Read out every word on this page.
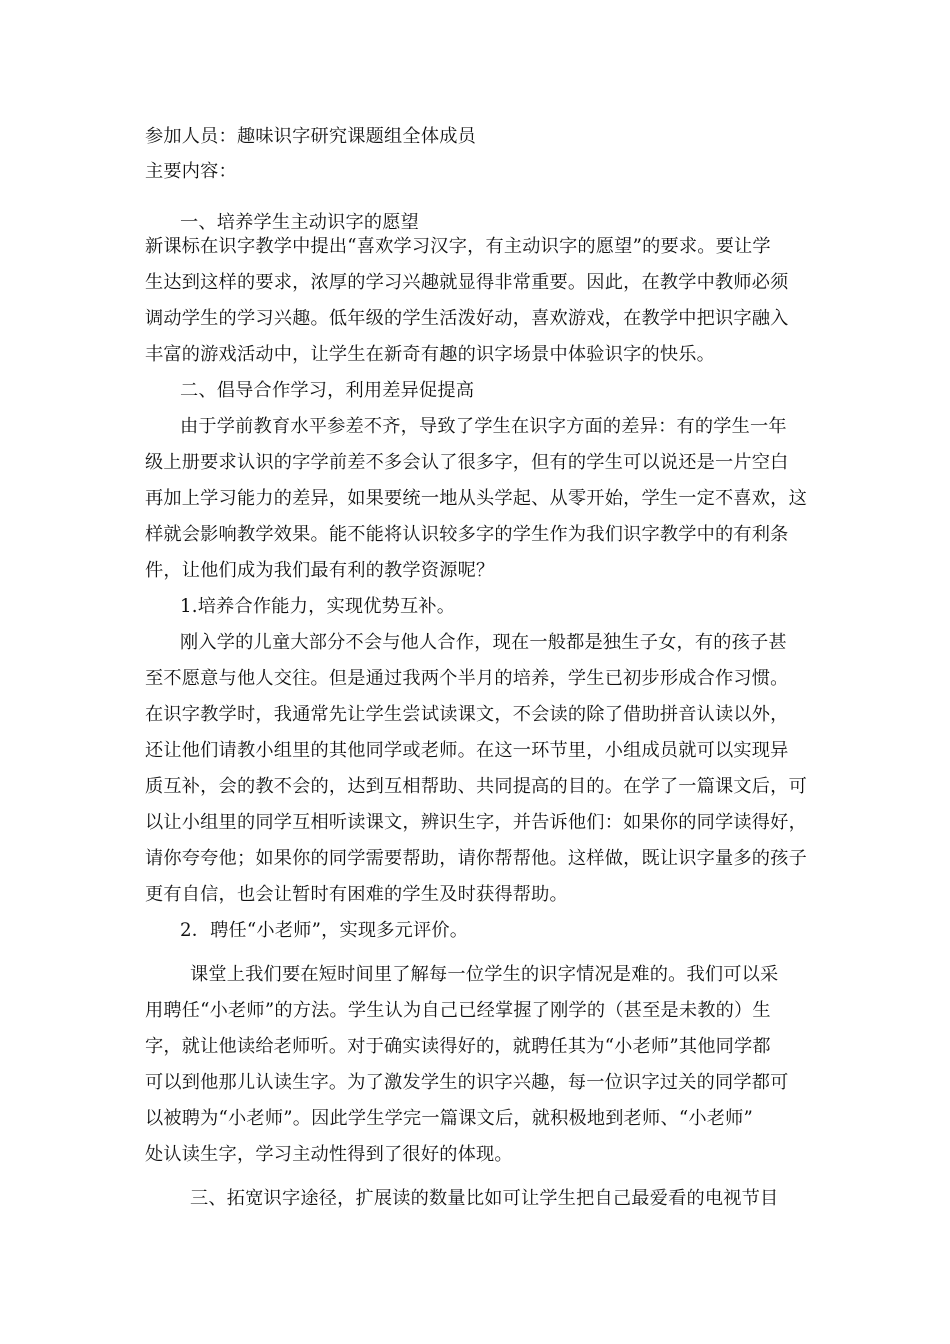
参加人员：趣味识字研究课题组全体成员
主要内容：
一、培养学生主动识字的愿望
新课标在识字教学中提出“喜欢学习汉字，有主动识字的愿望”的要求。要让学
生达到这样的要求，浓厚的学习兴趣就显得非常重要。因此，在教学中教师必须
调动学生的学习兴趣。低年级的学生活泼好动，喜欢游戏，在教学中把识字融入
丰富的游戏活动中，让学生在新奇有趣的识字场景中体验识字的快乐。
二、倡导合作学习，利用差异促提高
由于学前教育水平参差不齐，导致了学生在识字方面的差异：有的学生一年
级上册要求认识的字学前差不多会认了很多字，但有的学生可以说还是一片空白
再加上学习能力的差异，如果要统一地从头学起、从零开始，学生一定不喜欢，这
样就会影响教学效果。能不能将认识较多字的学生作为我们识字教学中的有利条
件，让他们成为我们最有利的教学资源呢？
1.培养合作能力，实现优势互补。
刚入学的儿童大部分不会与他人合作，现在一般都是独生子女，有的孩子甚
至不愿意与他人交往。但是通过我两个半月的培养，学生已初步形成合作习惯。
在识字教学时，我通常先让学生尝试读课文，不会读的除了借助拼音认读以外，
还让他们请教小组里的其他同学或老师。在这一环节里，小组成员就可以实现异
质互补，会的教不会的，达到互相帮助、共同提高的目的。在学了一篇课文后，可
以让小组里的同学互相听读课文，辨识生字，并告诉他们：如果你的同学读得好，
请你夸夸他；如果你的同学需要帮助，请你帮帮他。这样做，既让识字量多的孩子
更有自信，也会让暂时有困难的学生及时获得帮助。
2．聘任“小老师”，实现多元评价。
课堂上我们要在短时间里了解每一位学生的识字情况是难的。我们可以采
用聘任“小老师”的方法。学生认为自己已经掌握了刚学的（甚至是未教的）生
字，就让他读给老师听。对于确实读得好的，就聘任其为“小老师”其他同学都
可以到他那儿认读生字。为了激发学生的识字兴趣，每一位识字过关的同学都可
以被聘为“小老师”。因此学生学完一篇课文后，就积极地到老师、“小老师”
处认读生字，学习主动性得到了很好的体现。
三、拓宽识字途径，扩展读的数量比如可让学生把自己最爱看的电视节目
